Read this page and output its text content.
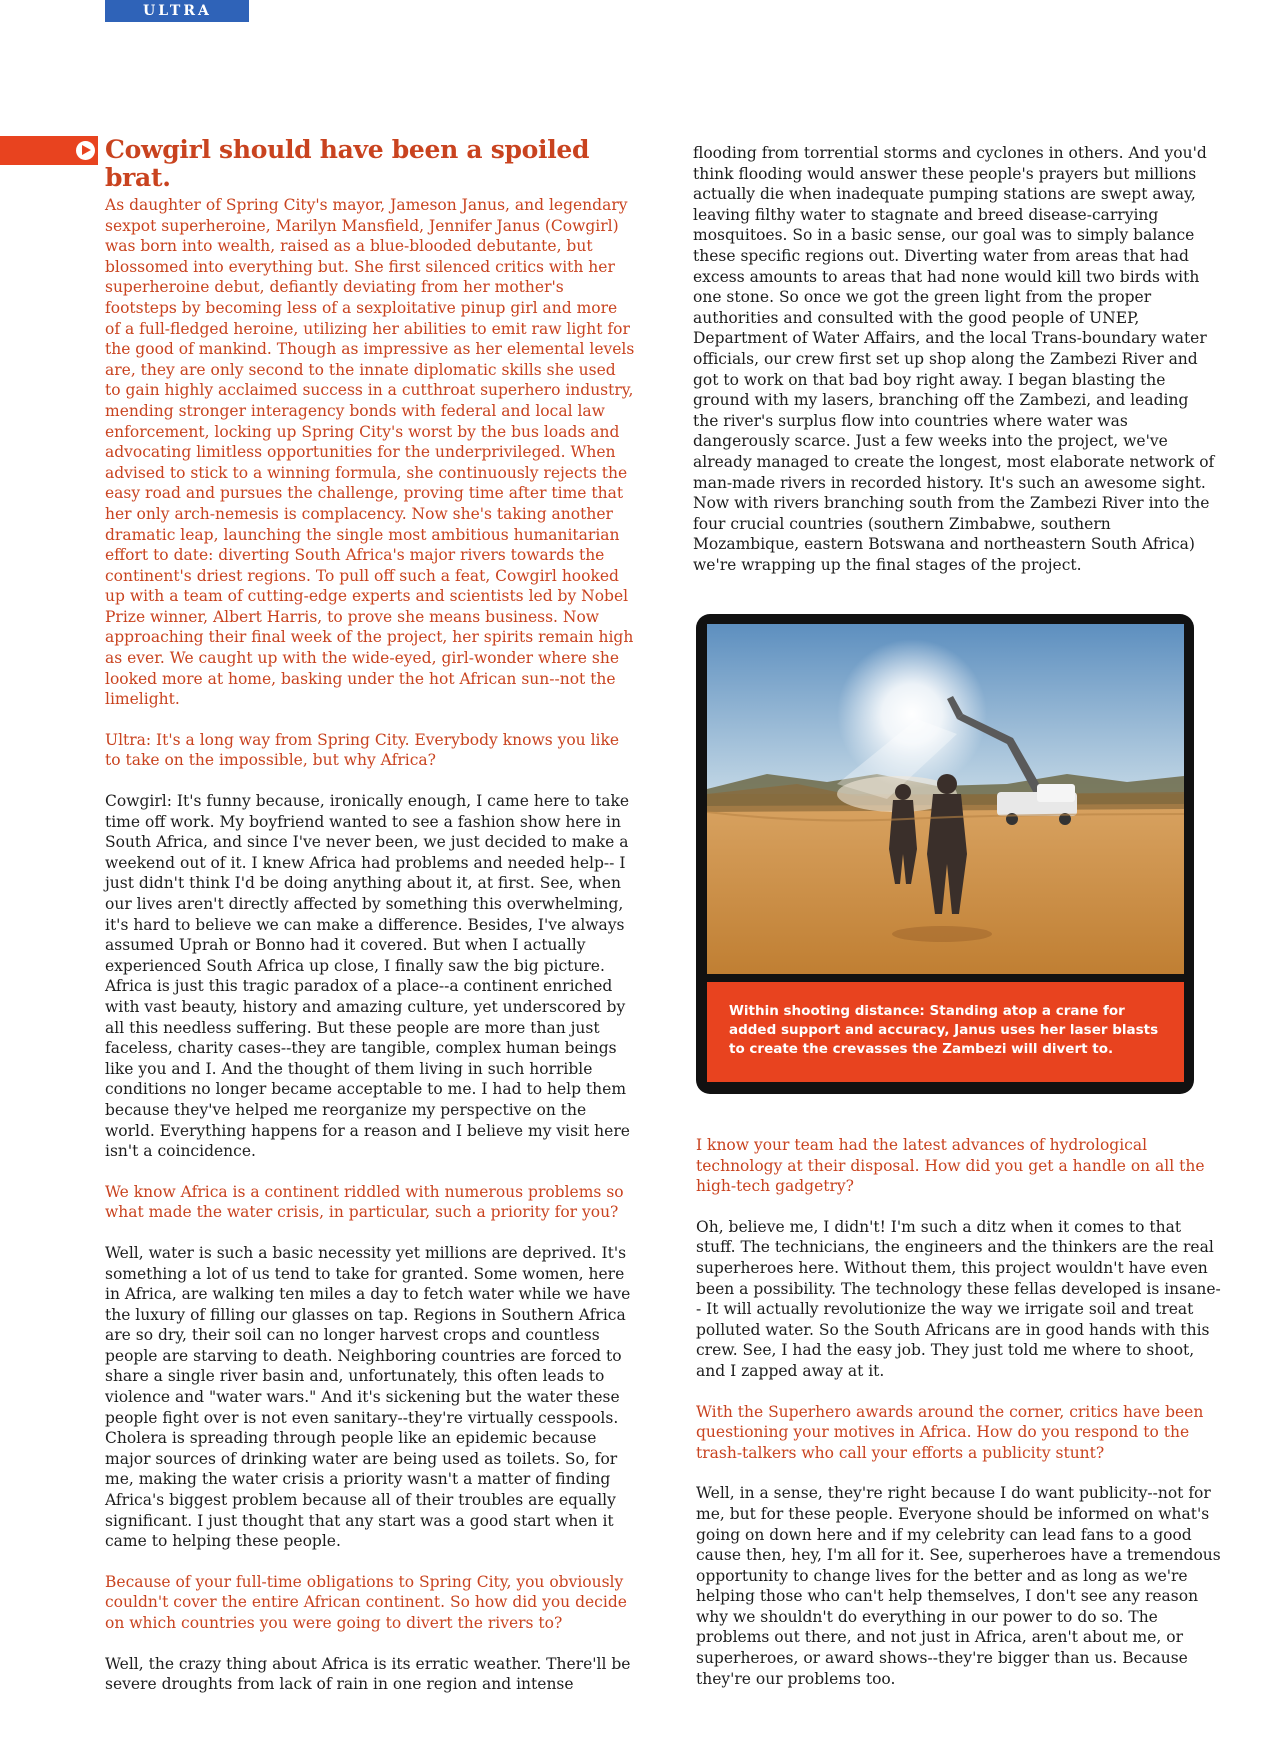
ULTRA
Cowgirl should have been a spoiled brat.

As daughter of Spring City's mayor, Jameson Janus, and legendary sexpot superheroine, Marilyn Mansfield, Jennifer Janus (Cowgirl) was born into wealth, raised as a blue-blooded debutante, but blossomed into everything but. She first silenced critics with her superheroine debut, defiantly deviating from her mother's footsteps by becoming less of a sexploitative pinup girl and more of a full-fledged heroine, utilizing her abilities to emit raw light for the good of mankind. Though as impressive as her elemental levels are, they are only second to the innate diplomatic skills she used to gain highly acclaimed success in a cutthroat superhero industry, mending stronger interagency bonds with federal and local law enforcement, locking up Spring City's worst by the bus loads and advocating limitless opportunities for the underprivileged. When advised to stick to a winning formula, she continuously rejects the easy road and pursues the challenge, proving time after time that her only arch-nemesis is complacency. Now she's taking another dramatic leap, launching the single most ambitious humanitarian effort to date: diverting South Africa's major rivers towards the continent's driest regions. To pull off such a feat, Cowgirl hooked up with a team of cutting-edge experts and scientists led by Nobel Prize winner, Albert Harris, to prove she means business. Now approaching their final week of the project, her spirits remain high as ever. We caught up with the wide-eyed, girl-wonder where she looked more at home, basking under the hot African sun--not the limelight.

Ultra: It's a long way from Spring City. Everybody knows you like to take on the impossible, but why Africa?

Cowgirl: It's funny because, ironically enough, I came here to take time off work. My boyfriend wanted to see a fashion show here in South Africa, and since I've never been, we just decided to make a weekend out of it. I knew Africa had problems and needed help-- I just didn't think I'd be doing anything about it, at first. See, when our lives aren't directly affected by something this overwhelming, it's hard to believe we can make a difference. Besides, I've always assumed Uprah or Bonno had it covered. But when I actually experienced South Africa up close, I finally saw the big picture. Africa is just this tragic paradox of a place--a continent enriched with vast beauty, history and amazing culture, yet underscored by all this needless suffering. But these people are more than just faceless, charity cases--they are tangible, complex human beings like you and I. And the thought of them living in such horrible conditions no longer became acceptable to me. I had to help them because they've helped me reorganize my perspective on the world. Everything happens for a reason and I believe my visit here isn't a coincidence.

We know Africa is a continent riddled with numerous problems so what made the water crisis, in particular, such a priority for you?

Well, water is such a basic necessity yet millions are deprived. It's something a lot of us tend to take for granted. Some women, here in Africa, are walking ten miles a day to fetch water while we have the luxury of filling our glasses on tap. Regions in Southern Africa are so dry, their soil can no longer harvest crops and countless people are starving to death. Neighboring countries are forced to share a single river basin and, unfortunately, this often leads to violence and "water wars." And it's sickening but the water these people fight over is not even sanitary--they're virtually cesspools. Cholera is spreading through people like an epidemic because major sources of drinking water are being used as toilets. So, for me, making the water crisis a priority wasn't a matter of finding Africa's biggest problem because all of their troubles are equally significant. I just thought that any start was a good start when it came to helping these people.

Because of your full-time obligations to Spring City, you obviously couldn't cover the entire African continent. So how did you decide on which countries you were going to divert the rivers to?

Well, the crazy thing about Africa is its erratic weather. There'll be severe droughts from lack of rain in one region and intense

flooding from torrential storms and cyclones in others. And you'd think flooding would answer these people's prayers but millions actually die when inadequate pumping stations are swept away, leaving filthy water to stagnate and breed disease-carrying mosquitoes. So in a basic sense, our goal was to simply balance these specific regions out. Diverting water from areas that had excess amounts to areas that had none would kill two birds with one stone. So once we got the green light from the proper authorities and consulted with the good people of UNEP, Department of Water Affairs, and the local Trans-boundary water officials, our crew first set up shop along the Zambezi River and got to work on that bad boy right away. I began blasting the ground with my lasers, branching off the Zambezi, and leading the river's surplus flow into countries where water was dangerously scarce. Just a few weeks into the project, we've already managed to create the longest, most elaborate network of man-made rivers in recorded history. It's such an awesome sight. Now with rivers branching south from the Zambezi River into the four crucial countries (southern Zimbabwe, southern Mozambique, eastern Botswana and northeastern South Africa) we're wrapping up the final stages of the project.

Within shooting distance: Standing atop a crane for added support and accuracy, Janus uses her laser blasts to create the crevasses the Zambezi will divert to.

I know your team had the latest advances of hydrological technology at their disposal. How did you get a handle on all the high-tech gadgetry?

Oh, believe me, I didn't! I'm such a ditz when it comes to that stuff. The technicians, the engineers and the thinkers are the real superheroes here. Without them, this project wouldn't have even been a possibility. The technology these fellas developed is insane-- It will actually revolutionize the way we irrigate soil and treat polluted water. So the South Africans are in good hands with this crew. See, I had the easy job. They just told me where to shoot, and I zapped away at it.

With the Superhero awards around the corner, critics have been questioning your motives in Africa. How do you respond to the trash-talkers who call your efforts a publicity stunt?

Well, in a sense, they're right because I do want publicity--not for me, but for these people. Everyone should be informed on what's going on down here and if my celebrity can lead fans to a good cause then, hey, I'm all for it. See, superheroes have a tremendous opportunity to change lives for the better and as long as we're helping those who can't help themselves, I don't see any reason why we shouldn't do everything in our power to do so. The problems out there, and not just in Africa, aren't about me, or superheroes, or award shows--they're bigger than us. Because they're our problems too.
